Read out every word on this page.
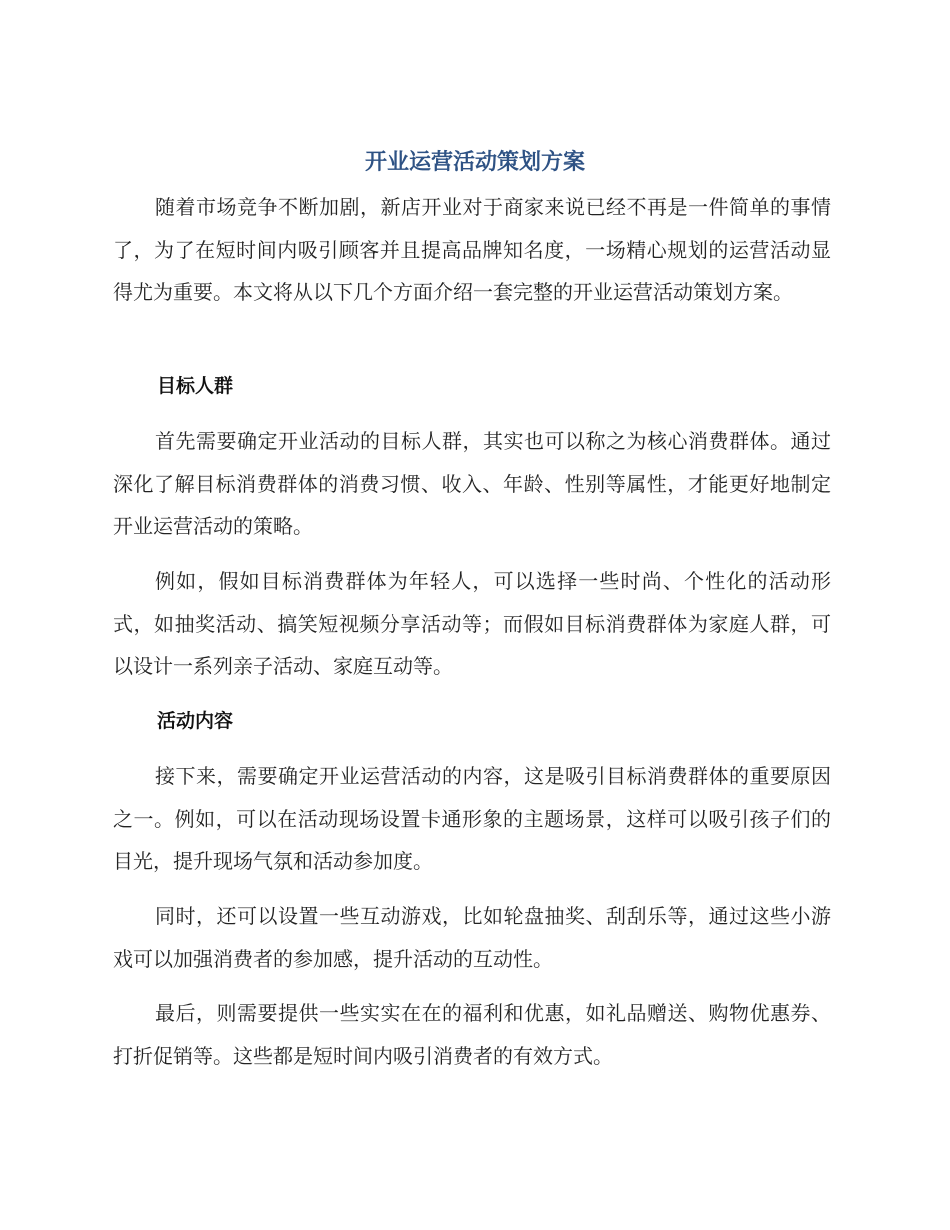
开业运营活动策划方案

随着市场竞争不断加剧，新店开业对于商家来说已经不再是一件简单的事情了，为了在短时间内吸引顾客并且提高品牌知名度，一场精心规划的运营活动显得尤为重要。本文将从以下几个方面介绍一套完整的开业运营活动策划方案。

目标人群

首先需要确定开业活动的目标人群，其实也可以称之为核心消费群体。通过深化了解目标消费群体的消费习惯、收入、年龄、性别等属性，才能更好地制定开业运营活动的策略。

例如，假如目标消费群体为年轻人，可以选择一些时尚、个性化的活动形式，如抽奖活动、搞笑短视频分享活动等；而假如目标消费群体为家庭人群，可以设计一系列亲子活动、家庭互动等。

活动内容

接下来，需要确定开业运营活动的内容，这是吸引目标消费群体的重要原因之一。例如，可以在活动现场设置卡通形象的主题场景，这样可以吸引孩子们的目光，提升现场气氛和活动参加度。

同时，还可以设置一些互动游戏，比如轮盘抽奖、刮刮乐等，通过这些小游戏可以加强消费者的参加感，提升活动的互动性。

最后，则需要提供一些实实在在的福利和优惠，如礼品赠送、购物优惠券、打折促销等。这些都是短时间内吸引消费者的有效方式。
